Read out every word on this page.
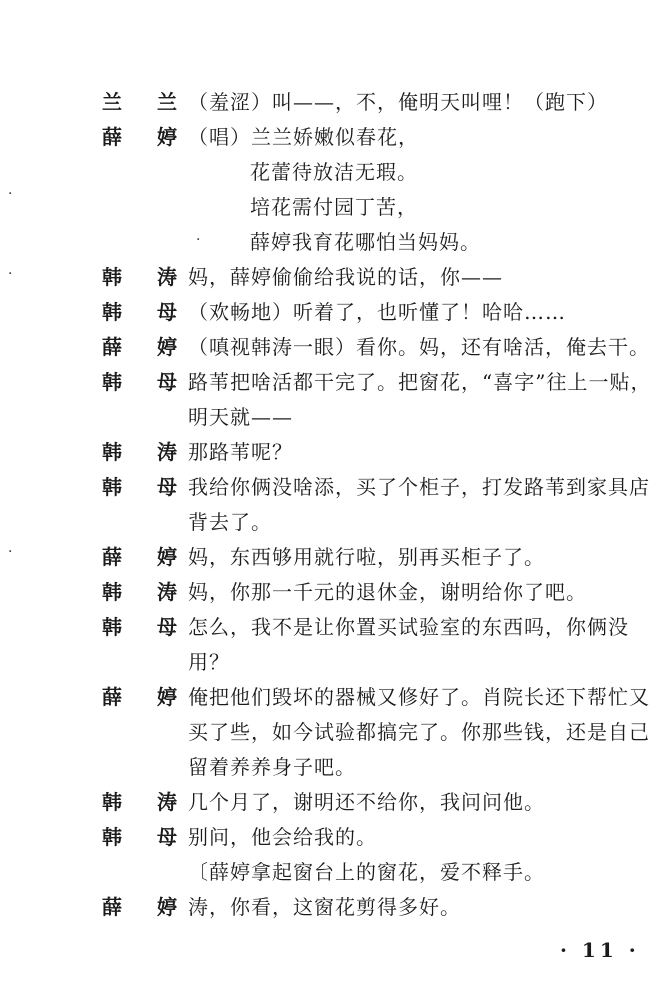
兰 兰
（羞涩）叫——，不，俺明天叫哩！（跑下）
薛 婷
（唱）兰兰娇嫩似春花，
花蕾待放洁无瑕。
培花需付园丁苦，
薛婷我育花哪怕当妈妈。
韩 涛
妈，薛婷偷偷给我说的话，你——
韩 母
（欢畅地）听着了，也听懂了！哈哈……
薛 婷
（嗔视韩涛一眼）看你。妈，还有啥活，俺去干。
韩 母
路苇把啥活都干完了。把窗花，“喜字”往上一贴，
明天就——
韩 涛
那路苇呢？
韩 母
我给你俩没啥添，买了个柜子，打发路苇到家具店
背去了。
薛 婷
妈，东西够用就行啦，别再买柜子了。
韩 涛
妈，你那一千元的退休金，谢明给你了吧。
韩 母
怎么，我不是让你置买试验室的东西吗，你俩没
用？
薛 婷
俺把他们毁坏的器械又修好了。肖院长还下帮忙又
买了些，如今试验都搞完了。你那些钱，还是自己
留着养养身子吧。
韩 涛
几个月了，谢明还不给你，我问问他。
韩 母
别问，他会给我的。
〔薛婷拿起窗台上的窗花，爱不释手。
薛 婷
涛，你看，这窗花剪得多好。
·
·
·
·
· 11 ·
